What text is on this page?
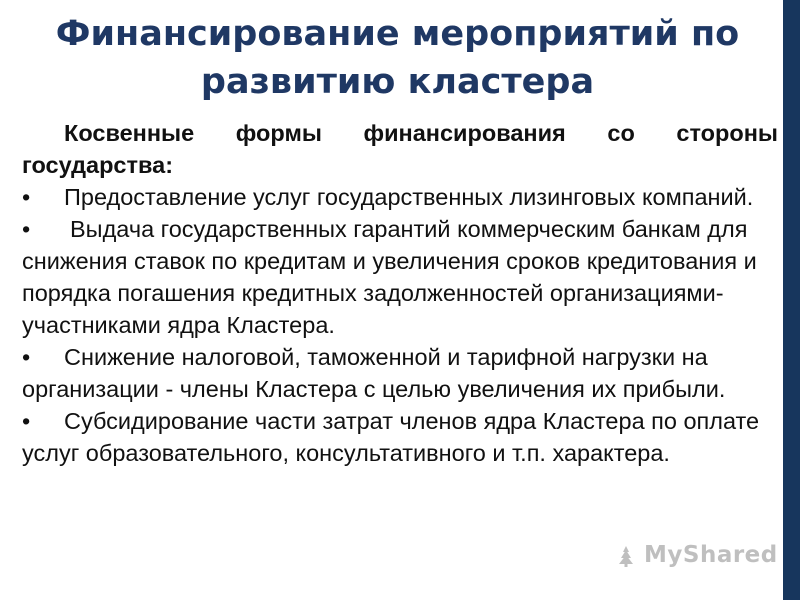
Финансирование мероприятий по
развитию кластера
Косвенные формы финансирования со стороны государства:
• Предоставление услуг государственных лизинговых компаний.
• Выдача государственных гарантий коммерческим банкам для снижения ставок по кредитам и увеличения сроков кредитования и порядка погашения кредитных задолженностей организациями-участниками ядра Кластера.
• Снижение налоговой, таможенной и тарифной нагрузки на организации - члены Кластера с целью увеличения их прибыли.
• Субсидирование части затрат членов ядра Кластера по оплате услуг образовательного, консультативного и т.п. характера.
MyShared
